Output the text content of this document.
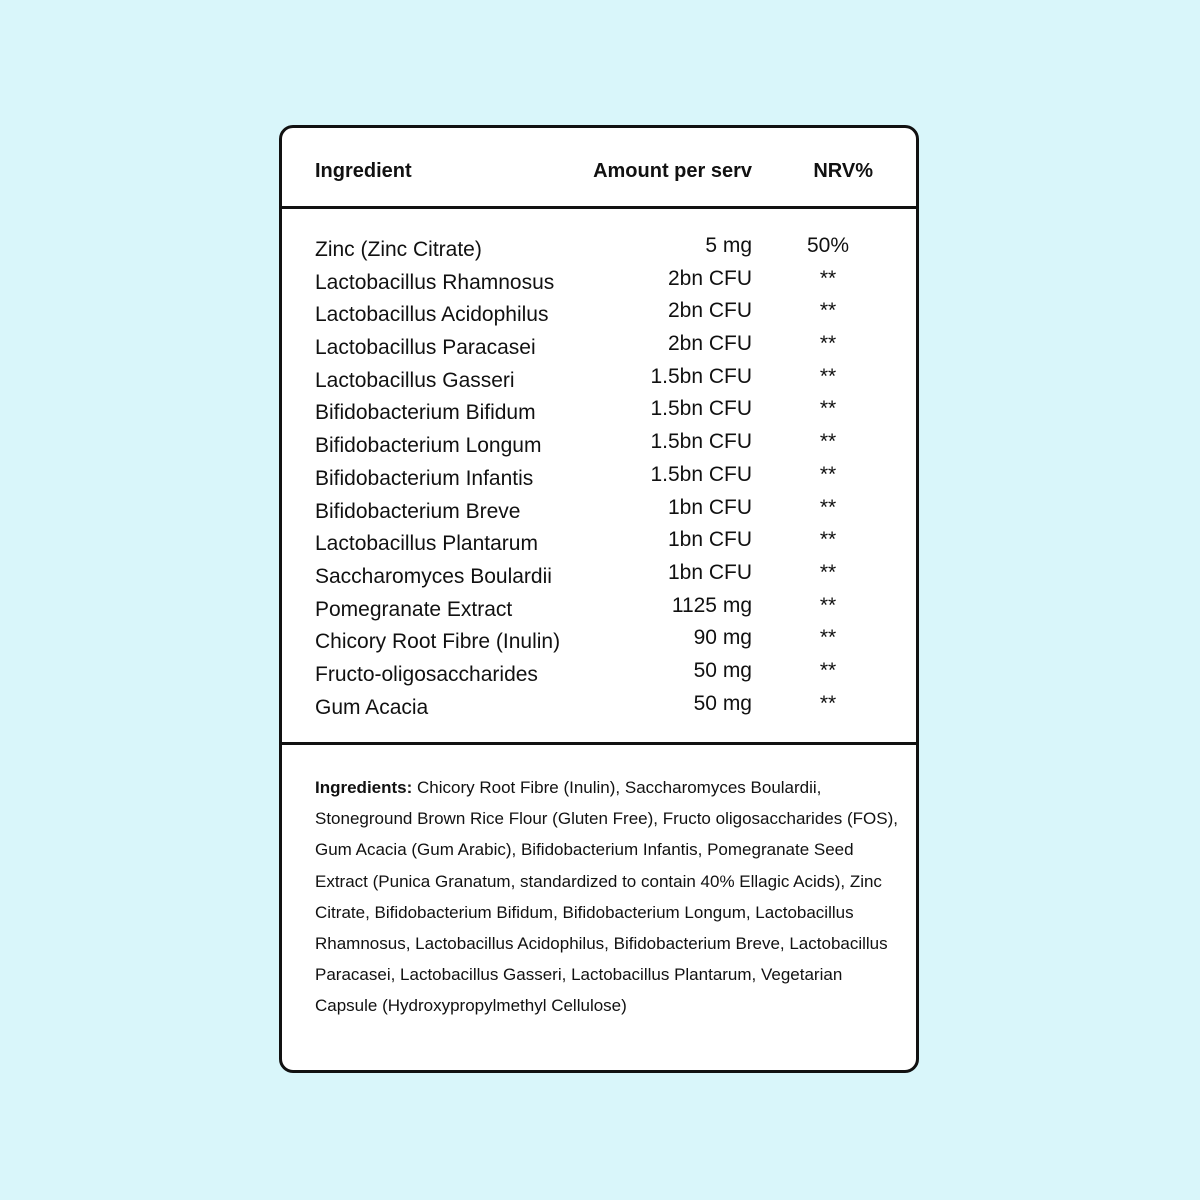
Ingredient	Amount per serv	NRV%
Zinc (Zinc Citrate)	5 mg	50%
Lactobacillus Rhamnosus	2bn CFU	**
Lactobacillus Acidophilus	2bn CFU	**
Lactobacillus Paracasei	2bn CFU	**
Lactobacillus Gasseri	1.5bn CFU	**
Bifidobacterium Bifidum	1.5bn CFU	**
Bifidobacterium Longum	1.5bn CFU	**
Bifidobacterium Infantis	1.5bn CFU	**
Bifidobacterium Breve	1bn CFU	**
Lactobacillus Plantarum	1bn CFU	**
Saccharomyces Boulardii	1bn CFU	**
Pomegranate Extract	1125 mg	**
Chicory Root Fibre (Inulin)	90 mg	**
Fructo-oligosaccharides	50 mg	**
Gum Acacia	50 mg	**
Ingredients: Chicory Root Fibre (Inulin), Saccharomyces Boulardii, Stoneground Brown Rice Flour (Gluten Free), Fructo oligosaccharides (FOS), Gum Acacia (Gum Arabic), Bifidobacterium Infantis, Pomegranate Seed Extract (Punica Granatum, standardized to contain 40% Ellagic Acids), Zinc Citrate, Bifidobacterium Bifidum, Bifidobacterium Longum, Lactobacillus Rhamnosus, Lactobacillus Acidophilus, Bifidobacterium Breve, Lactobacillus Paracasei, Lactobacillus Gasseri, Lactobacillus Plantarum, Vegetarian Capsule (Hydroxypropylmethyl Cellulose)
